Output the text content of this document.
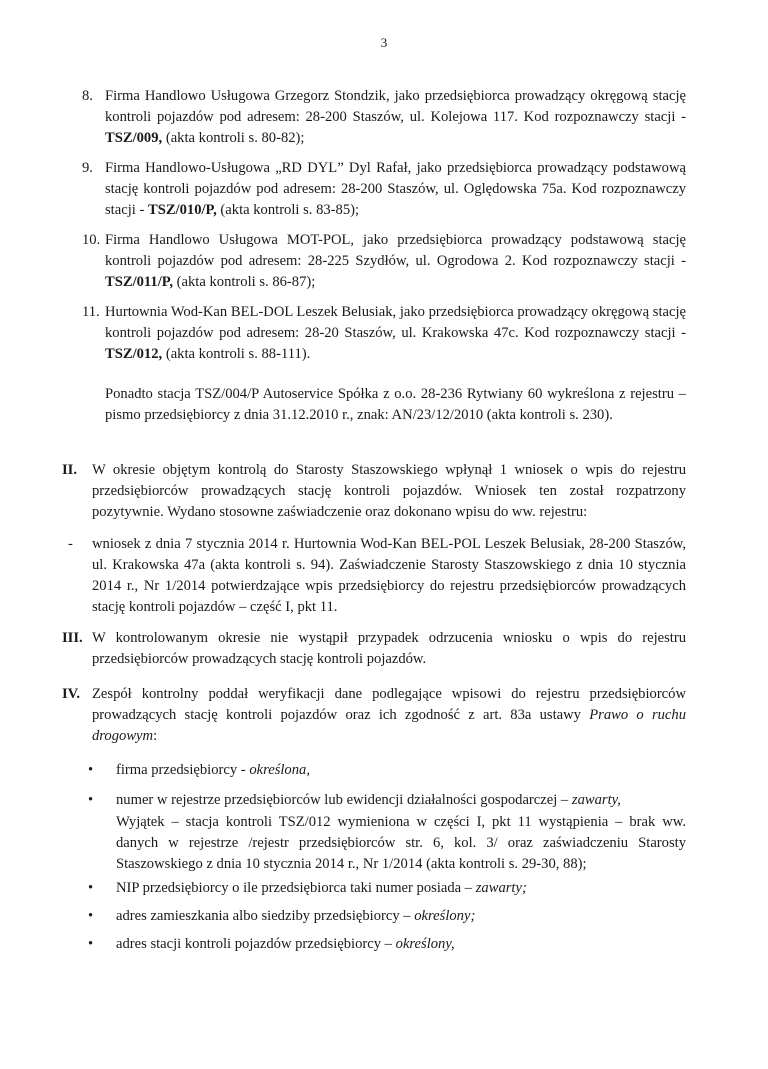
3
8. Firma Handlowo Usługowa Grzegorz Stondzik, jako przedsiębiorca prowadzący okręgową stację kontroli pojazdów pod adresem: 28-200 Staszów, ul. Kolejowa 117. Kod rozpoznawczy stacji - TSZ/009, (akta kontroli s. 80-82);
9. Firma Handlowo-Usługowa „RD DYL” Dyl Rafał, jako przedsiębiorca prowadzący podstawową stację kontroli pojazdów pod adresem: 28-200 Staszów, ul. Oględowska 75a. Kod rozpoznawczy stacji - TSZ/010/P, (akta kontroli s. 83-85);
10. Firma Handlowo Usługowa MOT-POL, jako przedsiębiorca prowadzący podstawową stację kontroli pojazdów pod adresem: 28-225 Szydłów, ul. Ogrodowa 2. Kod rozpoznawczy stacji - TSZ/011/P, (akta kontroli s. 86-87);
11. Hurtownia Wod-Kan BEL-DOL Leszek Belusiak, jako przedsiębiorca prowadzący okręgową stację kontroli pojazdów pod adresem: 28-20 Staszów, ul. Krakowska 47c. Kod rozpoznawczy stacji - TSZ/012, (akta kontroli s. 88-111).
Ponadto stacja TSZ/004/P Autoservice Spółka z o.o. 28-236 Rytwiany 60 wykreślona z rejestru – pismo przedsiębiorcy z dnia 31.12.2010 r., znak: AN/23/12/2010 (akta kontroli s. 230).
II. W okresie objętym kontrolą do Starosty Staszowskiego wpłynął 1 wniosek o wpis do rejestru przedsiębiorców prowadzących stację kontroli pojazdów. Wniosek ten został rozpatrzony pozytywnie. Wydano stosowne zaświadczenie oraz dokonano wpisu do ww. rejestru:
- wniosek z dnia 7 stycznia 2014 r. Hurtownia Wod-Kan BEL-POL Leszek Belusiak, 28-200 Staszów, ul. Krakowska 47a (akta kontroli s. 94). Zaświadczenie Starosty Staszowskiego z dnia 10 stycznia 2014 r., Nr 1/2014 potwierdzające wpis przedsiębiorcy do rejestru przedsiębiorców prowadzących stację kontroli pojazdów – część I, pkt 11.
III. W kontrolowanym okresie nie wystąpił przypadek odrzucenia wniosku o wpis do rejestru przedsiębiorców prowadzących stację kontroli pojazdów.
IV. Zespół kontrolny poddał weryfikacji dane podlegające wpisowi do rejestru przedsiębiorców prowadzących stację kontroli pojazdów oraz ich zgodność z art. 83a ustawy Prawo o ruchu drogowym:
• firma przedsiębiorcy - określona,
• numer w rejestrze przedsiębiorców lub ewidencji działalności gospodarczej – zawarty,
Wyjątek – stacja kontroli TSZ/012 wymieniona w części I, pkt 11 wystąpienia – brak ww. danych w rejestrze /rejestr przedsiębiorców str. 6, kol. 3/ oraz zaświadczeniu Starosty Staszowskiego z dnia 10 stycznia 2014 r., Nr 1/2014 (akta kontroli s. 29-30, 88);
• NIP przedsiębiorcy o ile przedsiębiorca taki numer posiada – zawarty;
• adres zamieszkania albo siedziby przedsiębiorcy – określony;
• adres stacji kontroli pojazdów przedsiębiorcy – określony,
